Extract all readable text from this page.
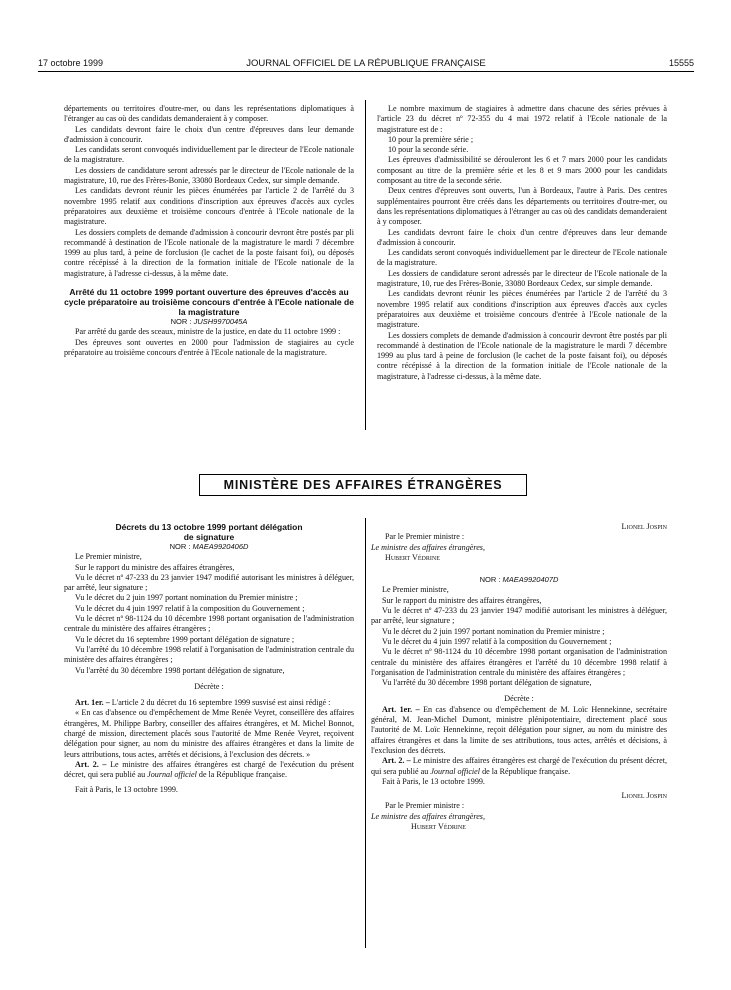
17 octobre 1999	JOURNAL OFFICIEL DE LA RÉPUBLIQUE FRANÇAISE	15555

départements ou territoires d'outre-mer, ou dans les représentations diplomatiques à l'étranger au cas où des candidats demanderaient à y composer.

Les candidats devront faire le choix d'un centre d'épreuves dans leur demande d'admission à concourir.

Les candidats seront convoqués individuellement par le directeur de l'Ecole nationale de la magistrature.

Les dossiers de candidature seront adressés par le directeur de l'Ecole nationale de la magistrature, 10, rue des Frères-Bonie, 33080 Bordeaux Cedex, sur simple demande.

Les candidats devront réunir les pièces énumérées par l'article 2 de l'arrêté du 3 novembre 1995 relatif aux conditions d'inscription aux épreuves d'accès aux cycles préparatoires aux deuxième et troisième concours d'entrée à l'Ecole nationale de la magistrature.

Les dossiers complets de demande d'admission à concourir devront être postés par pli recommandé à destination de l'Ecole nationale de la magistrature le mardi 7 décembre 1999 au plus tard, à peine de forclusion (le cachet de la poste faisant foi), ou déposés contre récépissé à la direction de la formation initiale de l'Ecole nationale de la magistrature, à l'adresse ci-dessus, à la même date.

Arrêté du 11 octobre 1999 portant ouverture des épreuves d'accès au cycle préparatoire au troisième concours d'entrée à l'Ecole nationale de la magistrature

NOR : JUSH9970045A

Par arrêté du garde des sceaux, ministre de la justice, en date du 11 octobre 1999 :

Des épreuves sont ouvertes en 2000 pour l'admission de stagiaires au cycle préparatoire au troisième concours d'entrée à l'Ecole nationale de la magistrature.

Le nombre maximum de stagiaires à admettre dans chacune des séries prévues à l'article 23 du décret nº 72-355 du 4 mai 1972 relatif à l'Ecole nationale de la magistrature est de :

10 pour la première série ;

10 pour la seconde série.

Les épreuves d'admissibilité se dérouleront les 6 et 7 mars 2000 pour les candidats composant au titre de la première série et les 8 et 9 mars 2000 pour les candidats composant au titre de la seconde série.

Deux centres d'épreuves sont ouverts, l'un à Bordeaux, l'autre à Paris. Des centres supplémentaires pourront être créés dans les départements ou territoires d'outre-mer, ou dans les représentations diplomatiques à l'étranger au cas où des candidats demanderaient à y composer.

Les candidats devront faire le choix d'un centre d'épreuves dans leur demande d'admission à concourir.

Les candidats seront convoqués individuellement par le directeur de l'Ecole nationale de la magistrature.

Les dossiers de candidature seront adressés par le directeur de l'Ecole nationale de la magistrature, 10, rue des Frères-Bonie, 33080 Bordeaux Cedex, sur simple demande.

Les candidats devront réunir les pièces énumérées par l'article 2 de l'arrêté du 3 novembre 1995 relatif aux conditions d'inscription aux épreuves d'accès aux cycles préparatoires aux deuxième et troisième concours d'entrée à l'Ecole nationale de la magistrature.

Les dossiers complets de demande d'admission à concourir devront être postés par pli recommandé à destination de l'Ecole nationale de la magistrature le mardi 7 décembre 1999 au plus tard à peine de forclusion (le cachet de la poste faisant foi), ou déposés contre récépissé à la direction de la formation initiale de l'Ecole nationale de la magistrature, à l'adresse ci-dessus, à la même date.

MINISTÈRE DES AFFAIRES ÉTRANGÈRES

Décrets du 13 octobre 1999 portant délégation de signature

NOR : MAEA9920406D

Le Premier ministre,

Sur le rapport du ministre des affaires étrangères,

Vu le décret nº 47-233 du 23 janvier 1947 modifié autorisant les ministres à déléguer, par arrêté, leur signature ;

Vu le décret du 2 juin 1997 portant nomination du Premier ministre ;

Vu le décret du 4 juin 1997 relatif à la composition du Gouvernement ;

Vu le décret nº 98-1124 du 10 décembre 1998 portant organisation de l'administration centrale du ministère des affaires étrangères ;

Vu le décret du 16 septembre 1999 portant délégation de signature ;

Vu l'arrêté du 10 décembre 1998 relatif à l'organisation de l'administration centrale du ministère des affaires étrangères ;

Vu l'arrêté du 30 décembre 1998 portant délégation de signature,

Décrète :

Art. 1er. – L'article 2 du décret du 16 septembre 1999 susvisé est ainsi rédigé :

« En cas d'absence ou d'empêchement de Mme Renée Veyret, conseillère des affaires étrangères, M. Philippe Barbry, conseiller des affaires étrangères, et M. Michel Bonnot, chargé de mission, directement placés sous l'autorité de Mme Renée Veyret, reçoivent délégation pour signer, au nom du ministre des affaires étrangères et dans la limite de leurs attributions, tous actes, arrêtés et décisions, à l'exclusion des décrets. »

Art. 2. – Le ministre des affaires étrangères est chargé de l'exécution du présent décret, qui sera publié au Journal officiel de la République française.

Fait à Paris, le 13 octobre 1999.

Lionel Jospin

Par le Premier ministre :

Le ministre des affaires étrangères,

Hubert Védrine

NOR : MAEA9920407D

Le Premier ministre,

Sur le rapport du ministre des affaires étrangères,

Vu le décret nº 47-233 du 23 janvier 1947 modifié autorisant les ministres à déléguer, par arrêté, leur signature ;

Vu le décret du 2 juin 1997 portant nomination du Premier ministre ;

Vu le décret du 4 juin 1997 relatif à la composition du Gouvernement ;

Vu le décret nº 98-1124 du 10 décembre 1998 portant organisation de l'administration centrale du ministère des affaires étrangères et l'arrêté du 10 décembre 1998 relatif à l'organisation de l'administration centrale du ministère des affaires étrangères ;

Vu l'arrêté du 30 décembre 1998 portant délégation de signature,

Décrète :

Art. 1er. – En cas d'absence ou d'empêchement de M. Loïc Hennekinne, secrétaire général, M. Jean-Michel Dumont, ministre plénipotentiaire, directement placé sous l'autorité de M. Loïc Hennekinne, reçoit délégation pour signer, au nom du ministre des affaires étrangères et dans la limite de ses attributions, tous actes, arrêtés et décisions, à l'exclusion des décrets.

Art. 2. – Le ministre des affaires étrangères est chargé de l'exécution du présent décret, qui sera publié au Journal officiel de la République française.

Fait à Paris, le 13 octobre 1999.

Lionel Jospin

Par le Premier ministre :

Le ministre des affaires étrangères,

Hubert Védrine
